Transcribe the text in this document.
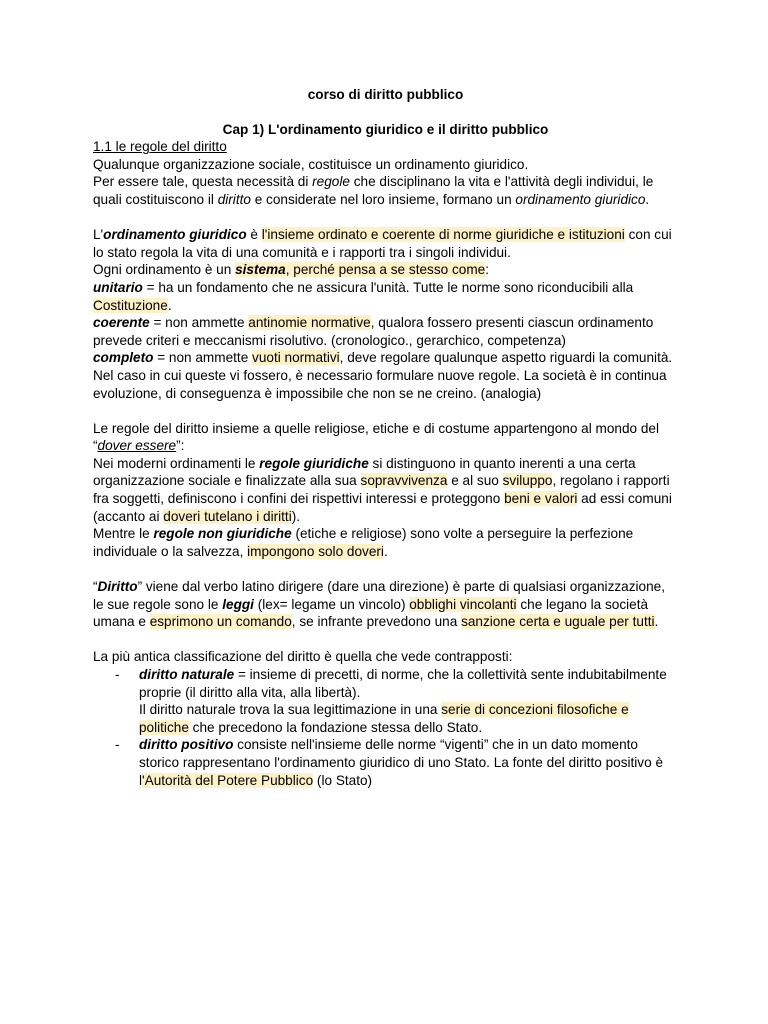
corso di diritto pubblico
Cap 1) L'ordinamento giuridico e il diritto pubblico
1.1 le regole del diritto
Qualunque organizzazione sociale, costituisce un ordinamento giuridico.
Per essere tale, questa necessità di regole che disciplinano la vita e l'attività degli individui, le quali costituiscono il diritto e considerate nel loro insieme, formano un ordinamento giuridico.
L'ordinamento giuridico è l'insieme ordinato e coerente di norme giuridiche e istituzioni con cui lo stato regola la vita di una comunità e i rapporti tra i singoli individui.
Ogni ordinamento è un sistema, perché pensa a se stesso come:
unitario = ha un fondamento che ne assicura l'unità. Tutte le norme sono riconducibili alla Costituzione.
coerente = non ammette antinomie normative, qualora fossero presenti ciascun ordinamento prevede criteri e meccanismi risolutivo. (cronologico., gerarchico, competenza)
completo = non ammette vuoti normativi, deve regolare qualunque aspetto riguardi la comunità.
Nel caso in cui queste vi fossero, è necessario formulare nuove regole. La società è in continua evoluzione, di conseguenza è impossibile che non se ne creino. (analogia)
Le regole del diritto insieme a quelle religiose, etiche e di costume appartengono al mondo del “dover essere”:
Nei moderni ordinamenti le regole giuridiche si distinguono in quanto inerenti a una certa organizzazione sociale e finalizzate alla sua sopravvivenza e al suo sviluppo, regolano i rapporti fra soggetti, definiscono i confini dei rispettivi interessi e proteggono beni e valori ad essi comuni (accanto ai doveri tutelano i diritti).
Mentre le regole non giuridiche (etiche e religiose) sono volte a perseguire la perfezione individuale o la salvezza, impongono solo doveri.
“Diritto” viene dal verbo latino dirigere (dare una direzione) è parte di qualsiasi organizzazione, le sue regole sono le leggi (lex= legame un vincolo) obblighi vincolanti che legano la società umana e esprimono un comando, se infrante prevedono una sanzione certa e uguale per tutti.
La più antica classificazione del diritto è quella che vede contrapposti:
- diritto naturale = insieme di precetti, di norme, che la collettività sente indubitabilmente proprie (il diritto alla vita, alla libertà).
Il diritto naturale trova la sua legittimazione in una serie di concezioni filosofiche e politiche che precedono la fondazione stessa dello Stato.
- diritto positivo consiste nell'insieme delle norme “vigenti” che in un dato momento storico rappresentano l'ordinamento giuridico di uno Stato. La fonte del diritto positivo è l'Autorità del Potere Pubblico (lo Stato)
